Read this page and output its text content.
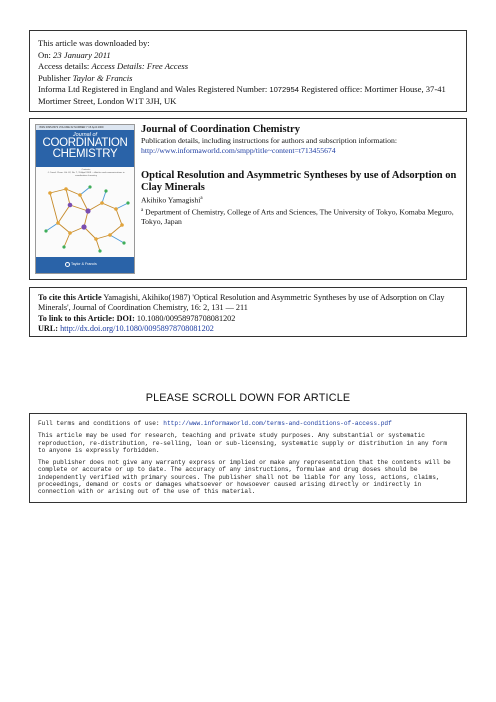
This article was downloaded by:
On: 23 January 2011
Access details: Access Details: Free Access
Publisher Taylor & Francis
Informa Ltd Registered in England and Wales Registered Number: 1072954 Registered office: Mortimer House, 37-41 Mortimer Street, London W1T 3JH, UK
ISSN 0095-8972 VOLUME 62 NUMBER 7 15 April 2009
Journal of
COORDINATION
CHEMISTRY
Contents
J. Coord. Chem. Vol. 62, No. 7, 15 April 2009 — Articles and communications in coordination chemistry
Taylor & Francis
Journal of Coordination Chemistry
Publication details, including instructions for authors and subscription information:
http://www.informaworld.com/smpp/title~content=t713455674
Optical Resolution and Asymmetric Syntheses by use of Adsorption on Clay Minerals
Akihiko Yamagishi$^a$
$^a$ Department of Chemistry, College of Arts and Sciences, The University of Tokyo, Komaba Meguro, Tokyo, Japan
To cite this Article Yamagishi, Akihiko(1987) 'Optical Resolution and Asymmetric Syntheses by use of Adsorption on Clay Minerals', Journal of Coordination Chemistry, 16: 2, 131 — 211
To link to this Article: DOI: 10.1080/00958978708081202
URL: http://dx.doi.org/10.1080/00958978708081202
PLEASE SCROLL DOWN FOR ARTICLE

Full terms and conditions of use: http://www.informaworld.com/terms-and-conditions-of-access.pdf

This article may be used for research, teaching and private study purposes. Any substantial or systematic reproduction, re-distribution, re-selling, loan or sub-licensing, systematic supply or distribution in any form to anyone is expressly forbidden.

The publisher does not give any warranty express or implied or make any representation that the contents will be complete or accurate or up to date. The accuracy of any instructions, formulae and drug doses should be independently verified with primary sources. The publisher shall not be liable for any loss, actions, claims, proceedings, demand or costs or damages whatsoever or howsoever caused arising directly or indirectly in connection with or arising out of the use of this material.
